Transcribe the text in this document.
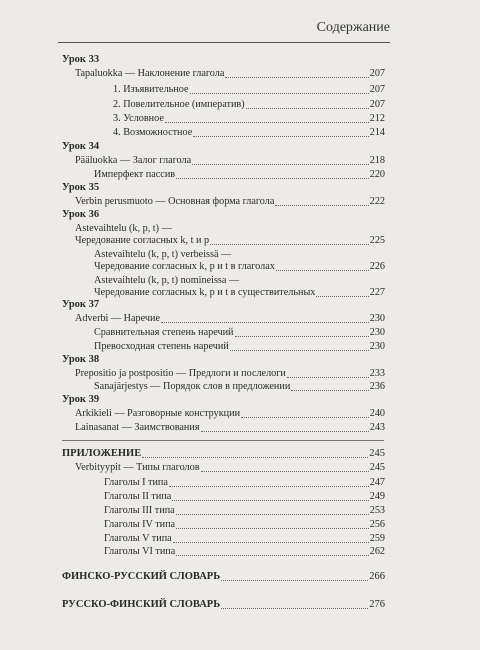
Содержание
Урок 33
Tapaluokka — Наклонение глагола	207
1. Изъявительное	207
2. Повелительное (императив)	207
3. Условное	212
4. Возможностное	214
Урок 34
Pääluokka — Залог глагола	218
Имперфект пассив	220
Урок 35
Verbin perusmuoto — Основная форма глагола	222
Урок 36
Astevaihtelu (k, p, t) —
Чередование согласных k, t и p	225
Astevaihtelu (k, p, t) verbeissä —
Чередование согласных k, p и t в глаголах	226
Astevaihtelu (k, p, t) nomineissa —
Чередование согласных k, p и t в существительных	227
Урок 37
Adverbi — Наречие	230
Сравнительная степень наречий	230
Превосходная степень наречий	230
Урок 38
Prepositio ja postpositio — Предлоги и послелоги	233
Sanajärjestys — Порядок слов в предложении	236
Урок 39
Arkikieli — Разговорные конструкции	240
Lainasanat — Заимствования	243
ПРИЛОЖЕНИЕ	245
Verbityypit — Типы глаголов	245
Глаголы I типа	247
Глаголы II типа	249
Глаголы III типа	253
Глаголы IV типа	256
Глаголы V типа	259
Глаголы VI типа	262
ФИНСКО-РУССКИЙ СЛОВАРЬ	266
РУССКО-ФИНСКИЙ СЛОВАРЬ	276
